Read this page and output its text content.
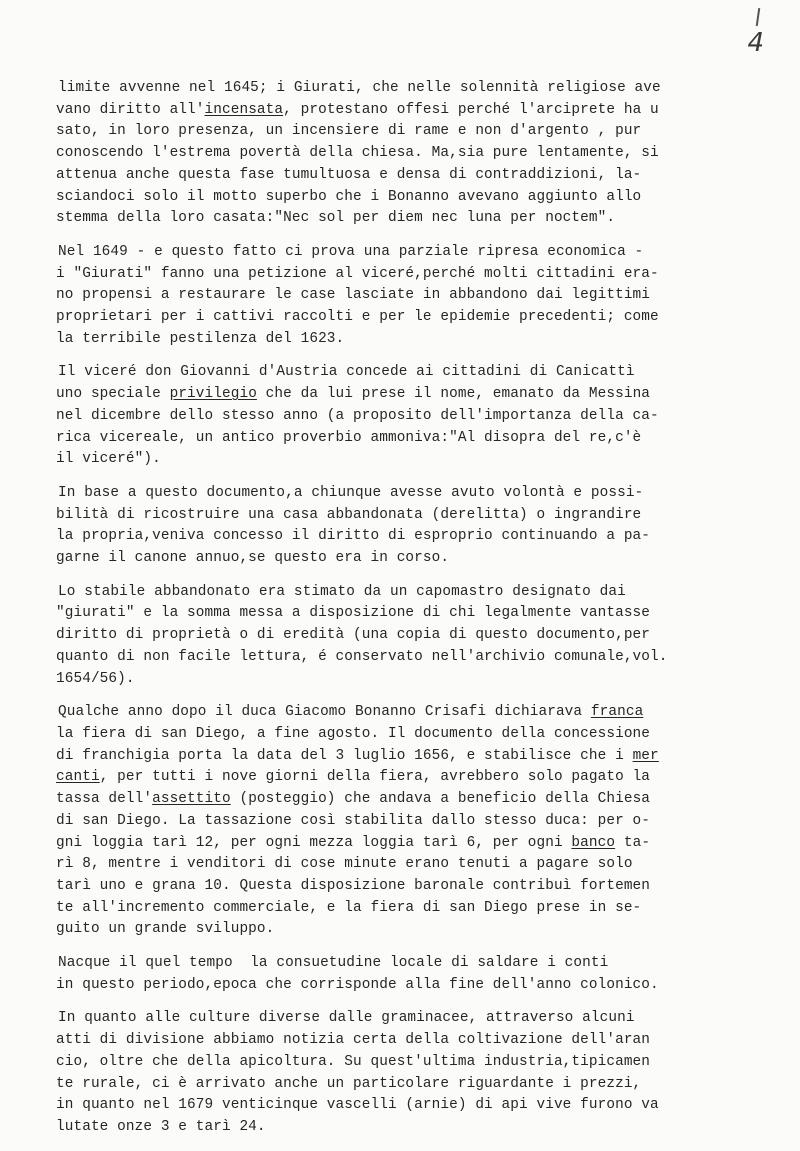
4
limite avvenne nel 1645; i Giurati, che nelle solennità religiose ave
vano diritto all'incensata, protestano offesi perché l'arciprete ha u
sato, in loro presenza, un incensiere di rame e non d'argento , pur
conoscendo l'estrema povertà della chiesa. Ma,sia pure lentamente, si
attenua anche questa fase tumultuosa e densa di contraddizioni, la-
sciandoci solo il motto superbo che i Bonanno avevano aggiunto allo
stemma della loro casata:"Nec sol per diem nec luna per noctem".
Nel 1649 - e questo fatto ci prova una parziale ripresa economica -
i "Giurati" fanno una petizione al viceré,perché molti cittadini era-
no propensi a restaurare le case lasciate in abbandono dai legittimi
proprietari per i cattivi raccolti e per le epidemie precedenti; come
la terribile pestilenza del 1623.
Il viceré don Giovanni d'Austria concede ai cittadini di Canicattì
uno speciale privilegio che da lui prese il nome, emanato da Messina
nel dicembre dello stesso anno (a proposito dell'importanza della ca-
rica vicereale, un antico proverbio ammoniva:"Al disopra del re,c'è
il viceré").
In base a questo documento,a chiunque avesse avuto volontà e possi-
bilità di ricostruire una casa abbandonata (derelitta) o ingrandire
la propria,veniva concesso il diritto di esproprio continuando a pa-
garne il canone annuo,se questo era in corso.
Lo stabile abbandonato era stimato da un capomastro designato dai
"giurati" e la somma messa a disposizione di chi legalmente vantasse
diritto di proprietà o di eredità (una copia di questo documento,per
quanto di non facile lettura, é conservato nell'archivio comunale,vol.
1654/56).
Qualche anno dopo il duca Giacomo Bonanno Crisafi dichiarava franca
la fiera di san Diego, a fine agosto. Il documento della concessione
di franchigia porta la data del 3 luglio 1656, e stabilisce che i mer
canti, per tutti i nove giorni della fiera, avrebbero solo pagato la
tassa dell'assettito (posteggio) che andava a beneficio della Chiesa
di san Diego. La tassazione così stabilita dallo stesso duca: per o-
gni loggia tarì 12, per ogni mezza loggia tarì 6, per ogni banco ta-
rì 8, mentre i venditori di cose minute erano tenuti a pagare solo
tarì uno e grana 10. Questa disposizione baronale contribuì fortemen
te all'incremento commerciale, e la fiera di san Diego prese in se-
guito un grande sviluppo.
Nacque il quel tempo  la consuetudine locale di saldare i conti
in questo periodo,epoca che corrisponde alla fine dell'anno colonico.
In quanto alle culture diverse dalle graminacee, attraverso alcuni
atti di divisione abbiamo notizia certa della coltivazione dell'aran
cio, oltre che della apicoltura. Su quest'ultima industria,tipicamen
te rurale, ci è arrivato anche un particolare riguardante i prezzi,
in quanto nel 1679 venticinque vascelli (arnie) di api vive furono va
lutate onze 3 e tarì 24.
